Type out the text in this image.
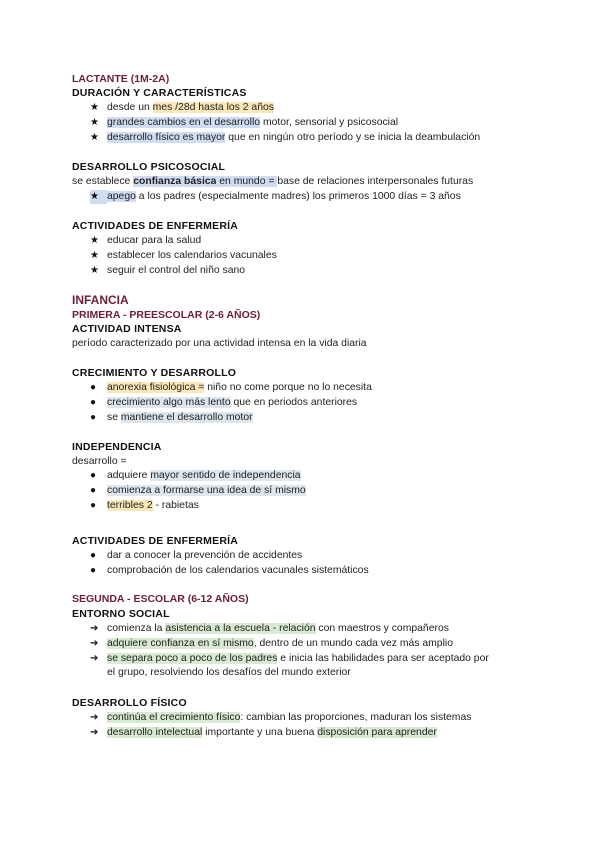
LACTANTE (1M-2A)
DURACIÓN Y CARACTERÍSTICAS
★ desde un mes /28d hasta los 2 años
★ grandes cambios en el desarrollo motor, sensorial y psicosocial
★ desarrollo físico es mayor que en ningún otro período y se inicia la deambulación
DESARROLLO PSICOSOCIAL
se establece confianza básica en mundo = base de relaciones interpersonales futuras
★ apego a los padres (especialmente madres) los primeros 1000 días = 3 años
ACTIVIDADES DE ENFERMERÍA
★ educar para la salud
★ establecer los calendarios vacunales
★ seguir el control del niño sano
INFANCIA
PRIMERA - PREESCOLAR (2-6 AÑOS)
ACTIVIDAD INTENSA
período caracterizado por una actividad intensa en la vida diaria
CRECIMIENTO Y DESARROLLO
● anorexia fisiológica = niño no come porque no lo necesita
● crecimiento algo más lento que en periodos anteriores
● se mantiene el desarrollo motor
INDEPENDENCIA
desarrollo =
● adquiere mayor sentido de independencia
● comienza a formarse una idea de sí mismo
● terribles 2 - rabietas
ACTIVIDADES DE ENFERMERÍA
● dar a conocer la prevención de accidentes
● comprobación de los calendarios vacunales sistemáticos
SEGUNDA - ESCOLAR (6-12 AÑOS)
ENTORNO SOCIAL
➔ comienza la asistencia a la escuela - relación con maestros y compañeros
➔ adquiere confianza en sí mismo, dentro de un mundo cada vez más amplio
➔ se separa poco a poco de los padres e inicia las habilidades para ser aceptado por
el grupo, resolviendo los desafíos del mundo exterior
DESARROLLO FÍSICO
➔ continúa el crecimiento físico: cambian las proporciones, maduran los sistemas
➔ desarrollo intelectual importante y una buena disposición para aprender
